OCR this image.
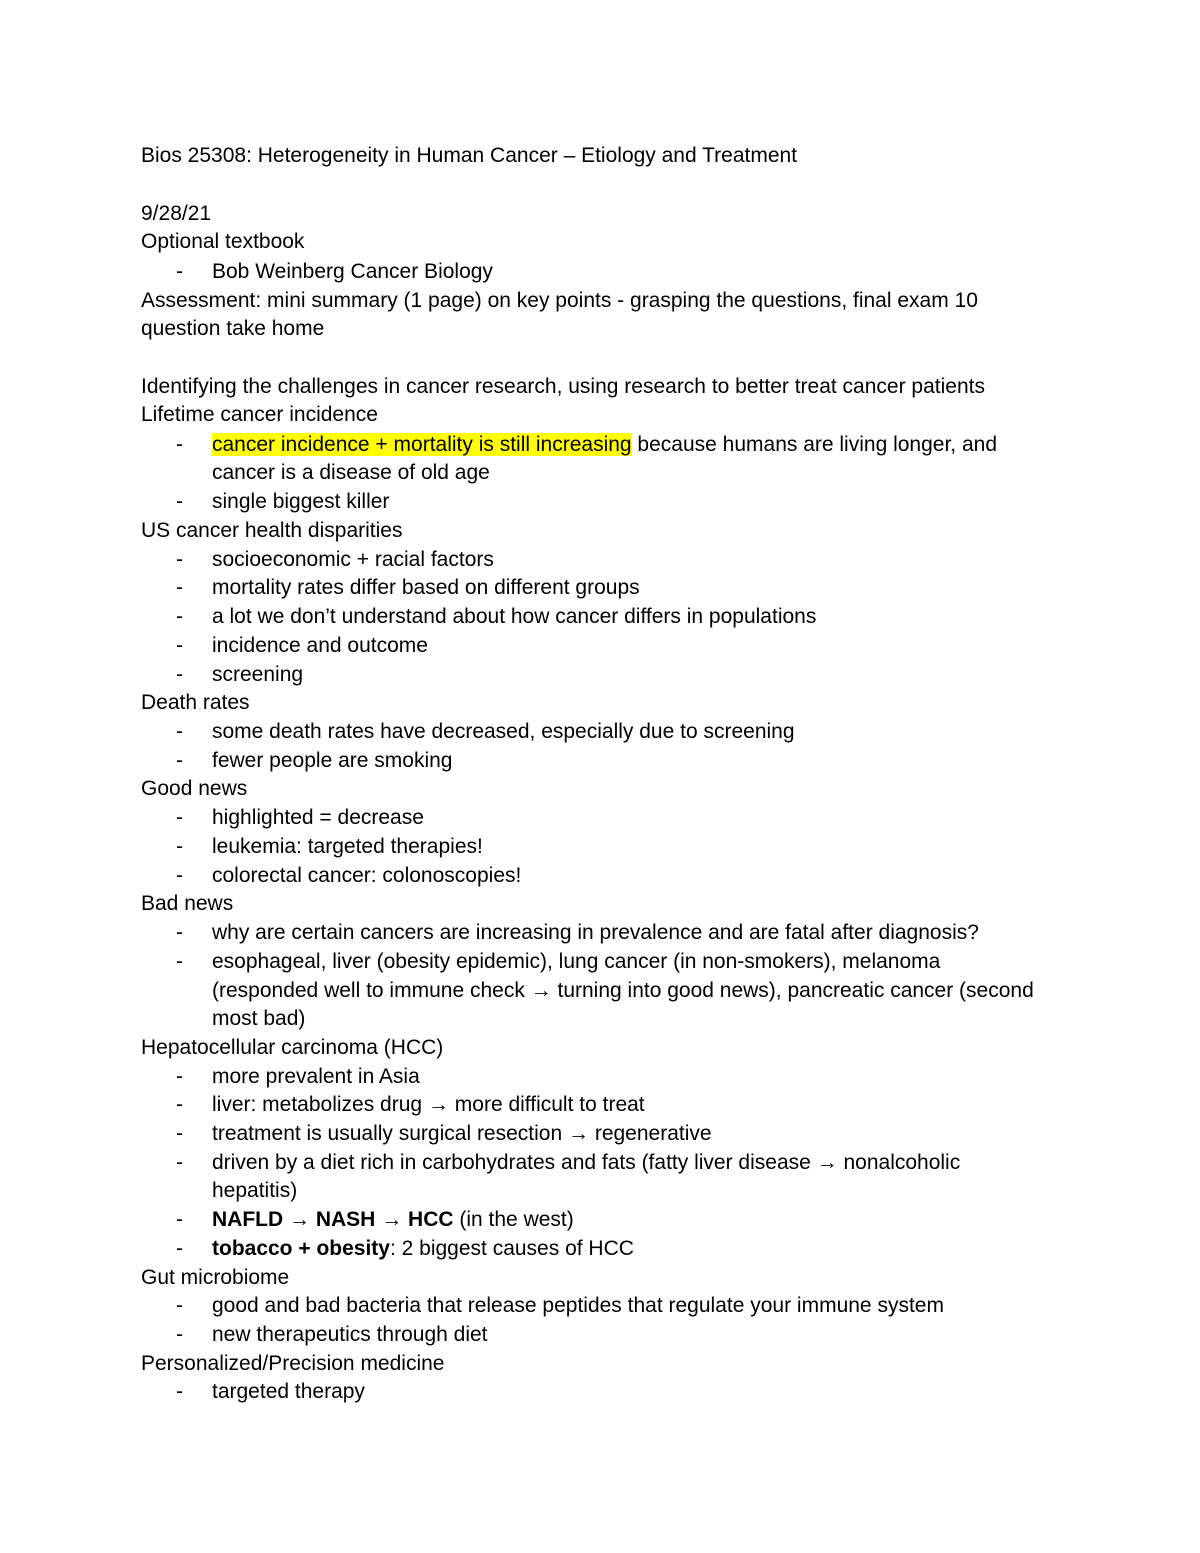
Bios 25308: Heterogeneity in Human Cancer – Etiology and Treatment
9/28/21
Optional textbook
- Bob Weinberg Cancer Biology
Assessment: mini summary (1 page) on key points - grasping the questions, final exam 10
question take home
Identifying the challenges in cancer research, using research to better treat cancer patients
Lifetime cancer incidence
- cancer incidence + mortality is still increasing because humans are living longer, and
cancer is a disease of old age
- single biggest killer
US cancer health disparities
- socioeconomic + racial factors
- mortality rates differ based on different groups
- a lot we don’t understand about how cancer differs in populations
- incidence and outcome
- screening
Death rates
- some death rates have decreased, especially due to screening
- fewer people are smoking
Good news
- highlighted = decrease
- leukemia: targeted therapies!
- colorectal cancer: colonoscopies!
Bad news
- why are certain cancers are increasing in prevalence and are fatal after diagnosis?
- esophageal, liver (obesity epidemic), lung cancer (in non-smokers), melanoma
(responded well to immune check → turning into good news), pancreatic cancer (second
most bad)
Hepatocellular carcinoma (HCC)
- more prevalent in Asia
- liver: metabolizes drug → more difficult to treat
- treatment is usually surgical resection → regenerative
- driven by a diet rich in carbohydrates and fats (fatty liver disease → nonalcoholic
hepatitis)
- NAFLD → NASH → HCC (in the west)
- tobacco + obesity: 2 biggest causes of HCC
Gut microbiome
- good and bad bacteria that release peptides that regulate your immune system
- new therapeutics through diet
Personalized/Precision medicine
- targeted therapy
